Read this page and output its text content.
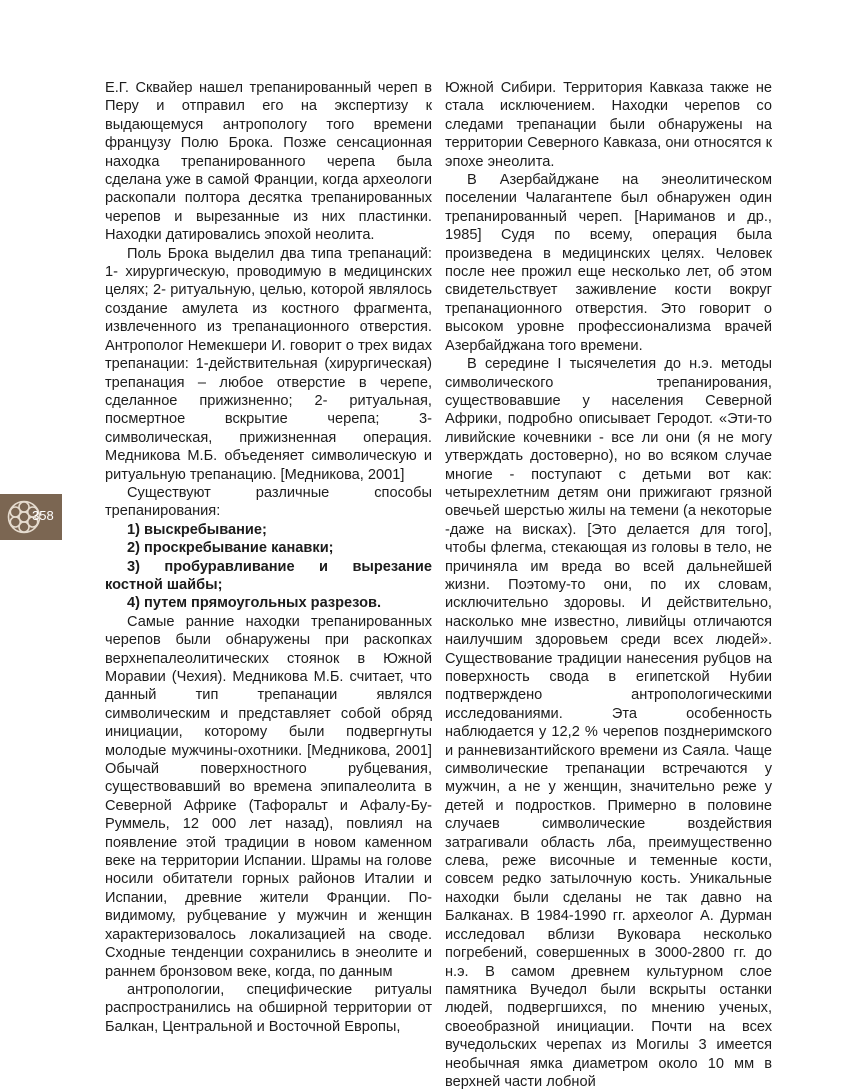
358

Е.Г. Сквайер нашел трепанированный череп в Перу и отправил его на экспертизу к выдающемуся антропологу того времени французу Полю Брока. Позже сенсационная находка трепанированного черепа была сделана уже в самой Франции, когда археологи раскопали полтора десятка трепанированных черепов и вырезанные из них пластинки. Находки датировались эпохой неолита.

Поль Брока выделил два типа трепанаций: 1- хирургическую, проводимую в медицинских целях; 2- ритуальную, целью, которой являлось создание амулета из костного фрагмента, извлеченного из трепанационного отверстия. Антрополог Немекшери И. говорит о трех видах трепанации: 1-действительная (хирургическая) трепанация – любое отверстие в черепе, сделанное прижизненно; 2- ритуальная, посмертное вскрытие черепа; 3-символическая, прижизненная операция. Медникова М.Б. объеденяет символическую и ритуальную трепанацию. [Медникова, 2001]

Существуют различные способы трепанирования:

1) выскребывание;
2) проскребывание канавки;
3) пробуравливание и вырезание костной шайбы;
4) путем прямоугольных разрезов.

Самые ранние находки трепанированных черепов были обнаружены при раскопках верхнепалеолитических стоянок в Южной Моравии (Чехия). Медникова М.Б. считает, что данный тип трепанации являлся символическим и представляет собой обряд инициации, которому были подвергнуты молодые мужчины-охотники. [Медникова, 2001] Обычай поверхностного рубцевания, существовавший во времена эпипалеолита в Северной Африке (Тафоральт и Афалу-Бу-Руммель, 12 000 лет назад), повлиял на появление этой традиции в новом каменном веке на территории Испании. Шрамы на голове носили обитатели горных районов Италии и Испании, древние жители Франции. По-видимому, рубцевание у мужчин и женщин характеризовалось локализацией на своде. Сходные тенденции сохранились в энеолите и раннем бронзовом веке, когда, по данным

антропологии, специфические ритуалы распространились на обширной территории от Балкан, Центральной и Восточной Европы,

Южной Сибири. Территория Кавказа также не стала исключением. Находки черепов со следами трепанации были обнаружены на территории Северного Кавказа, они относятся к эпохе энеолита.

В Азербайджане на энеолитическом поселении Чалагантепе был обнаружен один трепанированный череп. [Нариманов и др., 1985] Судя по всему, операция была произведена в медицинских целях. Человек после нее прожил еще несколько лет, об этом свидетельствует заживление кости вокруг трепанационного отверстия. Это говорит о высоком уровне профессионализма врачей Азербайджана того времени.

В середине I тысячелетия до н.э. методы символического трепанирования, существовавшие у населения Северной Африки, подробно описывает Геродот. «Эти-то ливийские кочевники - все ли они (я не могу утверждать достоверно), но во всяком случае многие - поступают с детьми вот как: четырехлетним детям они прижигают грязной овечьей шерстью жилы на темени (а некоторые -даже на висках). [Это делается для того], чтобы флегма, стекающая из головы в тело, не причиняла им вреда во всей дальнейшей жизни. Поэтому-то они, по их словам, исключительно здоровы. И действительно, насколько мне известно, ливийцы отличаются наилучшим здоровьем среди всех людей». Существование традиции нанесения рубцов на поверхность свода в египетской Нубии подтверждено антропологическими исследованиями. Эта особенность наблюдается у 12,2 % черепов позднеримского и ранневизантийского времени из Саяла. Чаще символические трепанации встречаются у мужчин, а не у женщин, значительно реже у детей и подростков. Примерно в половине случаев символические воздействия затрагивали область лба, преимущественно слева, реже височные и теменные кости, совсем редко затылочную кость. Уникальные находки были сделаны не так давно на Балканах. В 1984-1990 гг. археолог А. Дурман исследовал вблизи Вуковара несколько погребений, совершенных в 3000-2800 гг. до н.э. В самом древнем культурном слое памятника Вучедол были вскрыты останки людей, подвергшихся, по мнению ученых, своеобразной инициации. Почти на всех вучедольских черепах из Могилы 3 имеется необычная ямка диаметром около 10 мм в верхней части лобной
